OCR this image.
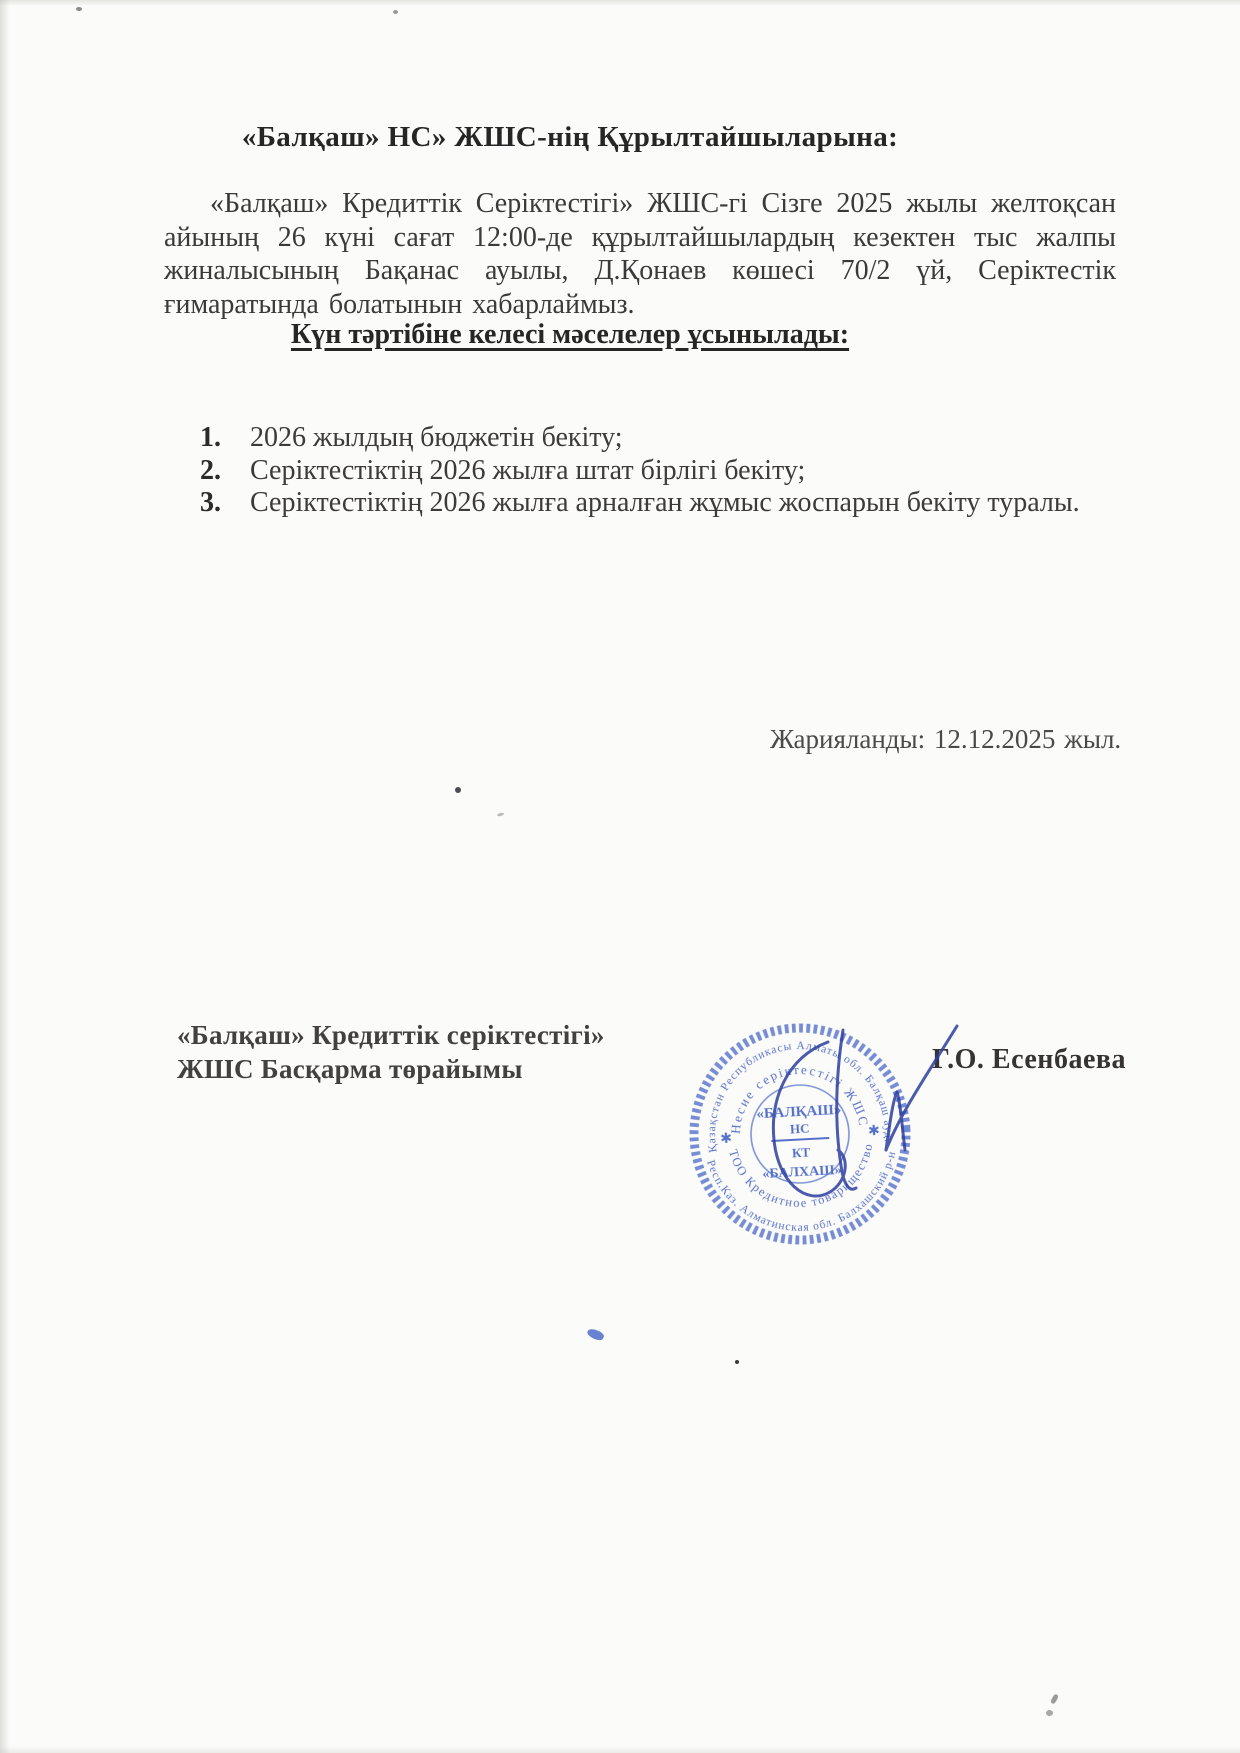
«Балқаш» НС» ЖШС-нің Құрылтайшыларына:
«Балқаш» Кредиттік Серіктестігі» ЖШС-гі Сізге 2025 жылы желтоқсан айының 26 күні сағат 12:00-де құрылтайшылардың кезектен тыс жалпы жиналысының Бақанас ауылы, Д.Қонаев көшесі 70/2 үй, Серіктестік ғимаратында болатынын хабарлаймыз.
Күн тәртібіне келесі мәселелер ұсынылады:
1.	2026 жылдың бюджетін бекіту;
2.	Серіктестіктің 2026 жылға штат бірлігі бекіту;
3.	Серіктестіктің 2026 жылға арналған жұмыс жоспарын бекіту туралы.
Жарияланды: 12.12.2025 жыл.
«Балқаш» Кредиттік серіктестігі»
ЖШС Басқарма төрайымы	Г.О. Есенбаева
Қазақстан Республикасы Алматы обл. Балқаш ауд.
Респ.Каз. Алматинская обл. Балхашский р-н
Несие серіктестігі ЖШС
ТОО Кредитное товарищество
✱	✱
«БАЛҚАШ»
НС
КТ
«БАЛХАШ»
